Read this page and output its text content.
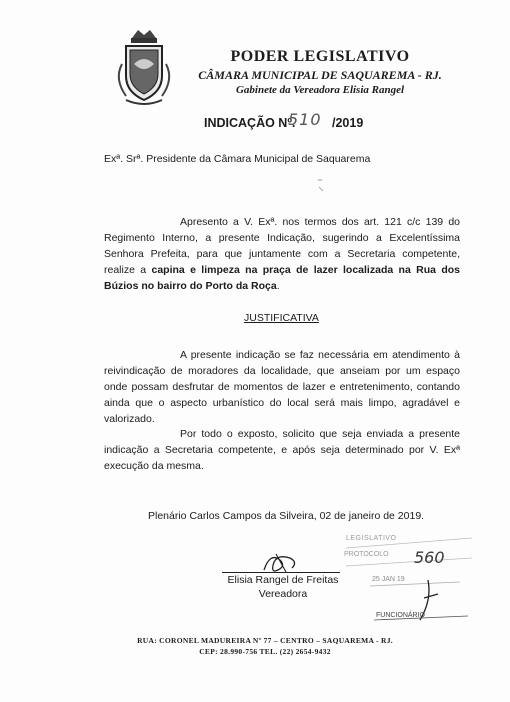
PODER LEGISLATIVO
CÂMARA MUNICIPAL DE SAQUAREMA - RJ.
Gabinete da Vereadora Elisia Rangel
INDICAÇÃO Nº.
510 /2019
Exª. Srª. Presidente da Câmara Municipal de Saquarema
Apresento a V. Exª. nos termos dos art. 121 c/c 139 do Regimento Interno, a presente Indicação, sugerindo a Excelentíssima Senhora Prefeita, para que juntamente com a Secretaria competente, realize a capina e limpeza na praça de lazer localizada na Rua dos Búzios no bairro do Porto da Roça.
JUSTIFICATIVA
A presente indicação se faz necessária em atendimento à reivindicação de moradores da localidade, que anseiam por um espaço onde possam desfrutar de momentos de lazer e entretenimento, contando ainda que o aspecto urbanístico do local será mais limpo, agradável e valorizado.
Por todo o exposto, solicito que seja enviada a presente indicação a Secretaria competente, e após seja determinado por V. Exª execução da mesma.
Plenário Carlos Campos da Silveira, 02 de janeiro de 2019.
Elisia Rangel de Freitas
Vereadora
LEGISLATIVO
PROTOCOLO 560
25 JAN 19
FUNCIONÁRIO
RUA: CORONEL MADUREIRA Nº 77 – CENTRO – SAQUAREMA - RJ.
CEP: 28.990-756 TEL. (22) 2654-9432
